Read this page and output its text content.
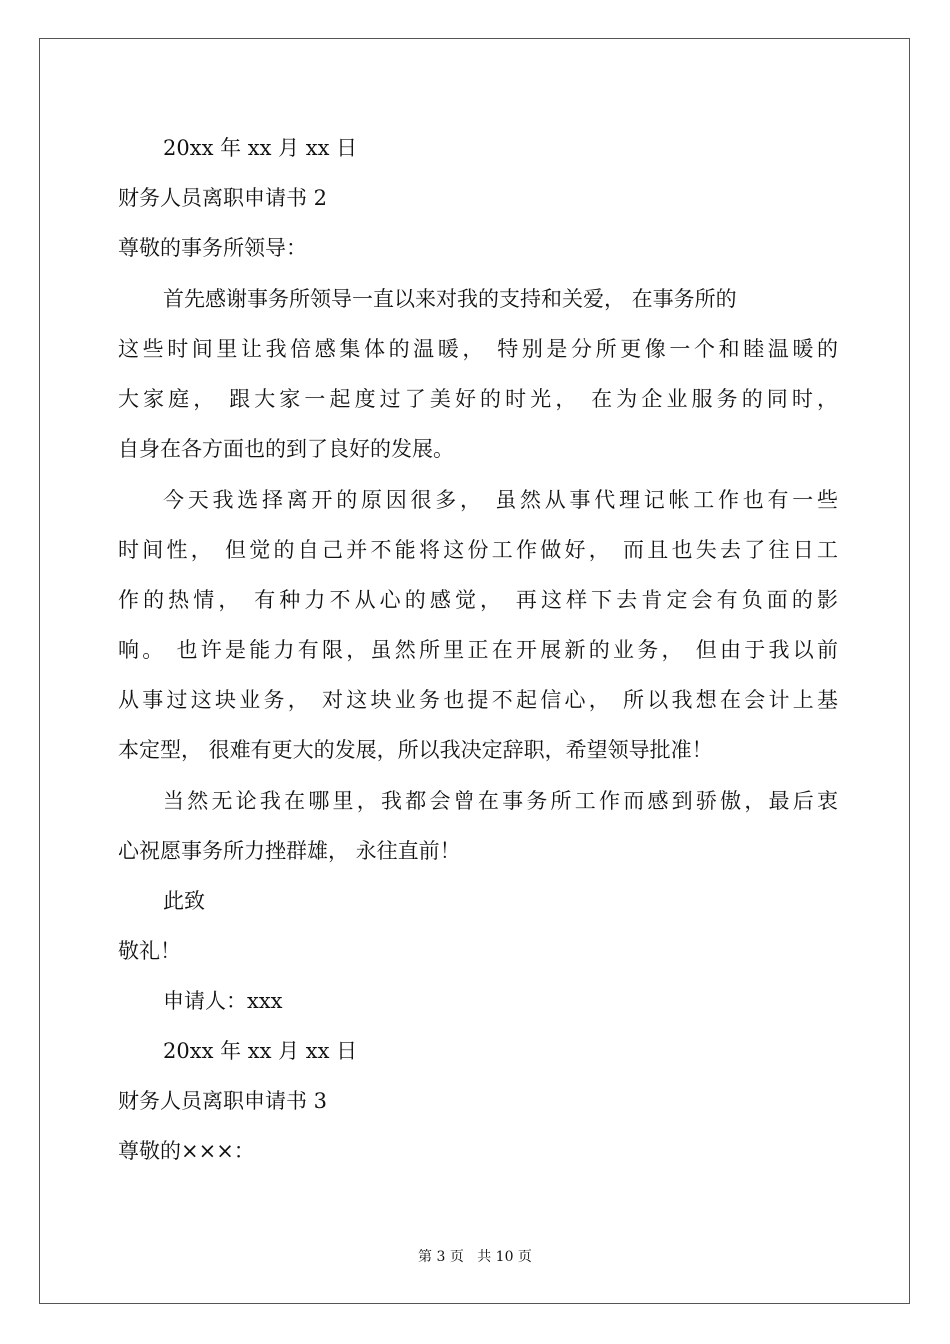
20xx 年 xx 月 xx 日
财务人员离职申请书 2
尊敬的事务所领导：
首先感谢事务所领导一直以来对我的支持和关爱， 在事务所的
这些时间里让我倍感集体的温暖， 特别是分所更像一个和睦温暖的
大家庭， 跟大家一起度过了美好的时光， 在为企业服务的同时，
自身在各方面也的到了良好的发展。
今天我选择离开的原因很多， 虽然从事代理记帐工作也有一些
时间性， 但觉的自己并不能将这份工作做好， 而且也失去了往日工
作的热情， 有种力不从心的感觉， 再这样下去肯定会有负面的影
响。 也许是能力有限，虽然所里正在开展新的业务， 但由于我以前
从事过这块业务， 对这块业务也提不起信心， 所以我想在会计上基
本定型， 很难有更大的发展，所以我决定辞职，希望领导批准！
当然无论我在哪里，我都会曾在事务所工作而感到骄傲，最后衷
心祝愿事务所力挫群雄， 永往直前！
此致
敬礼！
申请人：xxx
20xx 年 xx 月 xx 日
财务人员离职申请书 3
尊敬的×××：
第 3 页 共 10 页
